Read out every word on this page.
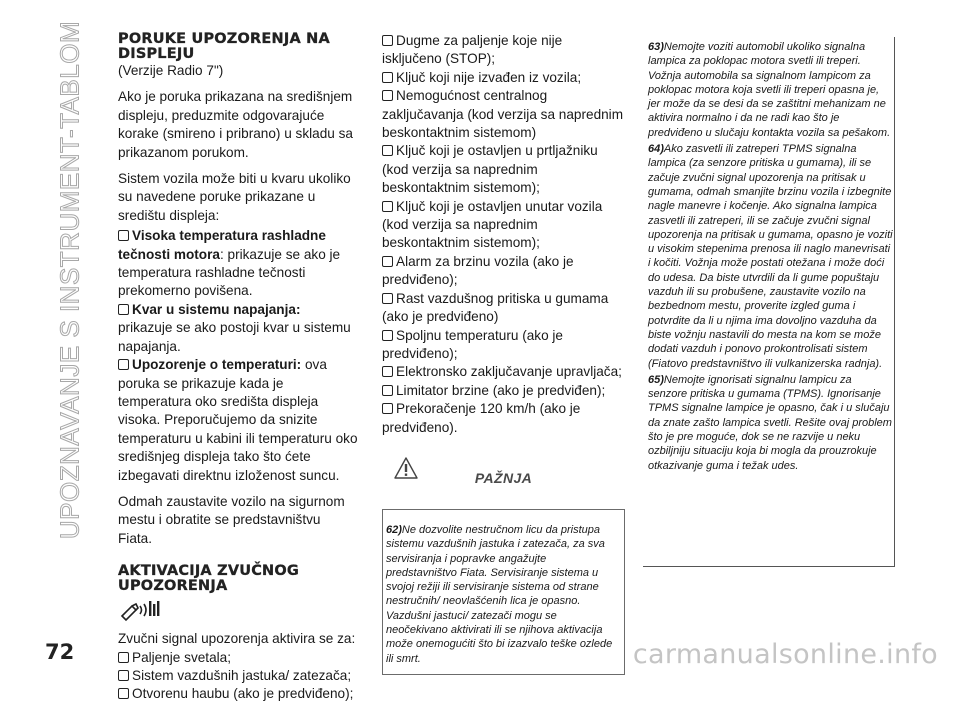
UPOZNAVANJE S INSTRUMENT-TABLOM PORUKE UPOZORENJA NA DISPLEJU
(Verzije Radio 7")

Ako je poruka prikazana na središnjem displeju, preduzmite odgovarajuće korake (smireno i pribrano) u skladu sa prikazanom porukom.

Sistem vozila može biti u kvaru ukoliko su navedene poruke prikazane u središtu displeja:

Visoka temperatura rashladne tečnosti motora: prikazuje se ako je temperatura rashladne tečnosti prekomerno povišena.
Kvar u sistemu napajanja: prikazuje se ako postoji kvar u sistemu napajanja.
Upozorenje o temperaturi: ova poruka se prikazuje kada je temperatura oko središta displeja visoka. Preporučujemo da snizite temperaturu u kabini ili temperaturu oko središnjeg displeja tako što ćete izbegavati direktnu izloženost suncu.

Odmah zaustavite vozilo na sigurnom mestu i obratite se predstavništvu Fiata.

AKTIVACIJA ZVUČNOG UPOZORENJA

Zvučni signal upozorenja aktivira se za:

Paljenje svetala;
Sistem vazdušnih jastuka/ zatezača;
Otvorenu haubu (ako je predviđeno);
Dugme za paljenje koje nije isključeno (STOP);
Ključ koji nije izvađen iz vozila;
Nemogućnost centralnog zaključavanja (kod verzija sa naprednim beskontaktnim sistemom)
Ključ koji je ostavljen u prtljažniku (kod verzija sa naprednim beskontaktnim sistemom);
Ključ koji je ostavljen unutar vozila (kod verzija sa naprednim beskontaktnim sistemom);
Alarm za brzinu vozila (ako je predviđeno);
Rast vazdušnog pritiska u gumama (ako je predviđeno)
Spoljnu temperaturu (ako je predviđeno);
Elektronsko zaključavanje upravljača;
Limitator brzine (ako je predviđen);
Prekoračenje 120 km/h (ako je predviđeno).
PAŽNJA
62)Ne dozvolite nestručnom licu da pristupa sistemu vazdušnih jastuka i zatezača, za sva servisiranja i popravke angažujte predstavništvo Fiata. Servisiranje sistema u svojoj režiji ili servisiranje sistema od strane nestručnih/ neovlašćenih lica je opasno. Vazdušni jastuci/ zatezači mogu se neočekivano aktivirati ili se njihova aktivacija može onemogućiti što bi izazvalo teške ozlede ili smrt.

63)Nemojte voziti automobil ukoliko signalna lampica za poklopac motora svetli ili treperi. Vožnja automobila sa signalnom lampicom za poklopac motora koja svetli ili treperi opasna je, jer može da se desi da se zaštitni mehanizam ne aktivira normalno i da ne radi kao što je predviđeno u slučaju kontakta vozila sa pešakom.

64)Ako zasvetli ili zatreperi TPMS signalna lampica (za senzore pritiska u gumama), ili se začuje zvučni signal upozorenja na pritisak u gumama, odmah smanjite brzinu vozila i izbegnite nagle manevre i kočenje. Ako signalna lampica zasvetli ili zatreperi, ili se začuje zvučni signal upozorenja na pritisak u gumama, opasno je voziti u visokim stepenima prenosa ili naglo manevrisati i kočiti. Vožnja može postati otežana i može doći do udesa. Da biste utvrdili da li gume popuštaju vazduh ili su probušene, zaustavite vozilo na bezbednom mestu, proverite izgled guma i potvrdite da li u njima ima dovoljno vazduha da biste vožnju nastavili do mesta na kom se može dodati vazduh i ponovo prokontrolisati sistem (Fiatovo predstavništvo ili vulkanizerska radnja).

65)Nemojte ignorisati signalnu lampicu za senzore pritiska u gumama (TPMS). Ignorisanje TPMS signalne lampice je opasno, čak i u slučaju da znate zašto lampica svetli. Rešite ovaj problem što je pre moguće, dok se ne razvije u neku ozbiljniju situaciju koja bi mogla da prouzrokuje otkazivanje guma i težak udes.

72	carmanualsonline.info
